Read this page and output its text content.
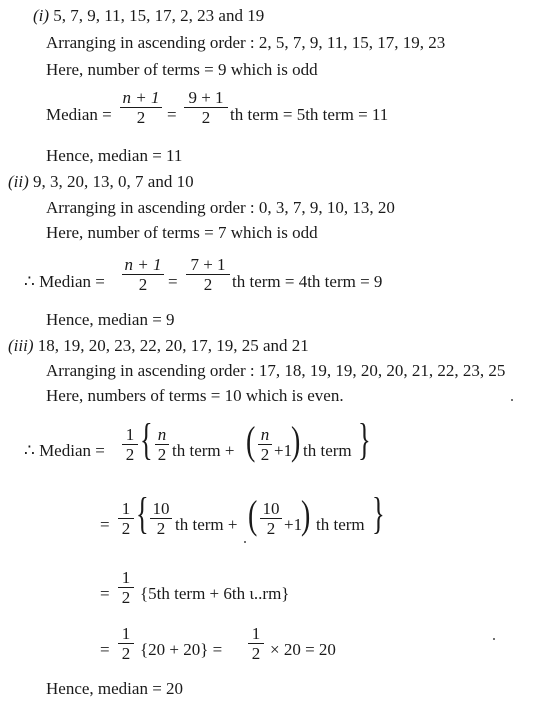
(i) 5, 7, 9, 11, 15, 17, 2, 23 and 19
Arranging in ascending order : 2, 5, 7, 9, 11, 15, 17, 19, 23
Here, number of terms = 9 which is odd
Median = $\frac{n + 1}{2} = \frac{9 + 1}{2}$ th term = 5th term = 11
Hence, median = 11
(ii) 9, 3, 20, 13, 0, 7 and 10
Arranging in ascending order : 0, 3, 7, 9, 10, 13, 20
Here, number of terms = 7 which is odd
∴ Median = $\frac{n + 1}{2} = \frac{7 + 1}{2}$ th term = 4th term = 9
Hence, median = 9
(iii) 18, 19, 20, 23, 22, 20, 17, 19, 25 and 21
Arranging in ascending order : 17, 18, 19, 19, 20, 20, 21, 22, 23, 25
Here, numbers of terms = 10 which is even.
∴ Median = $\frac{1}{2}$ { $\frac{n}{2}$ th term + ( $\frac{n}{2} +1$
) th term }
= $\frac{1}{2}$ { $\frac{10}{2}$ th term + ( $\frac{10}{2} +1$
) th term }
= $\frac{1}{2} \{5th$ term + 6th ι..rm}
= $\frac{1}{2} \{20 + 20\} = \frac{1}{2} \times 20 = 20$
Hence, median = 20
